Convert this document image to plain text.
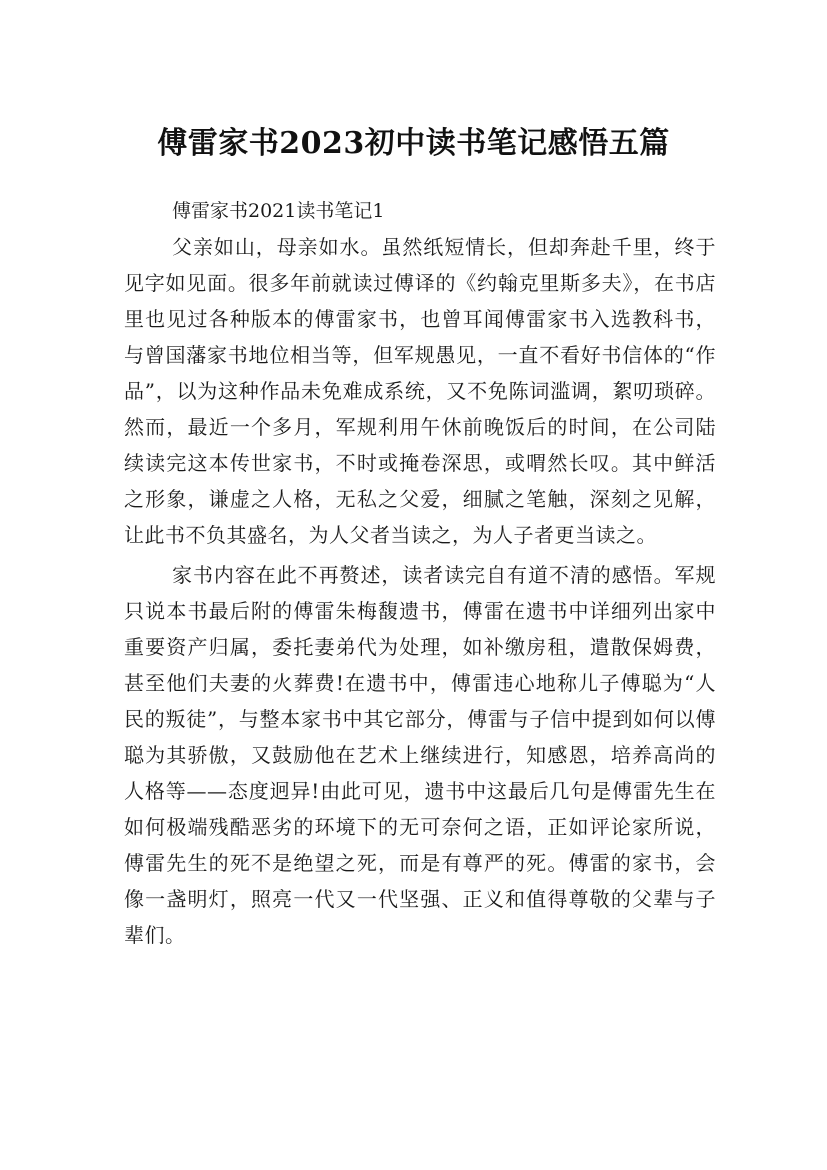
傅雷家书2023初中读书笔记感悟五篇

傅雷家书2021读书笔记1

父亲如山，母亲如水。虽然纸短情长，但却奔赴千里，终于见字如见面。很多年前就读过傅译的《约翰克里斯多夫》，在书店里也见过各种版本的傅雷家书，也曾耳闻傅雷家书入选教科书，与曾国藩家书地位相当等，但军规愚见，一直不看好书信体的“作品”，以为这种作品未免难成系统，又不免陈词滥调，絮叨琐碎。然而，最近一个多月，军规利用午休前晚饭后的时间，在公司陆续读完这本传世家书，不时或掩卷深思，或喟然长叹。其中鲜活之形象，谦虚之人格，无私之父爱，细腻之笔触，深刻之见解，让此书不负其盛名，为人父者当读之，为人子者更当读之。

家书内容在此不再赘述，读者读完自有道不清的感悟。军规只说本书最后附的傅雷朱梅馥遗书，傅雷在遗书中详细列出家中重要资产归属，委托妻弟代为处理，如补缴房租，遣散保姆费，甚至他们夫妻的火葬费!在遗书中，傅雷违心地称儿子傅聪为“人民的叛徒”，与整本家书中其它部分，傅雷与子信中提到如何以傅聪为其骄傲，又鼓励他在艺术上继续进行，知感恩，培养高尚的人格等——态度迥异!由此可见，遗书中这最后几句是傅雷先生在如何极端残酷恶劣的环境下的无可奈何之语，正如评论家所说，傅雷先生的死不是绝望之死，而是有尊严的死。傅雷的家书，会像一盏明灯，照亮一代又一代坚强、正义和值得尊敬的父辈与子辈们。
